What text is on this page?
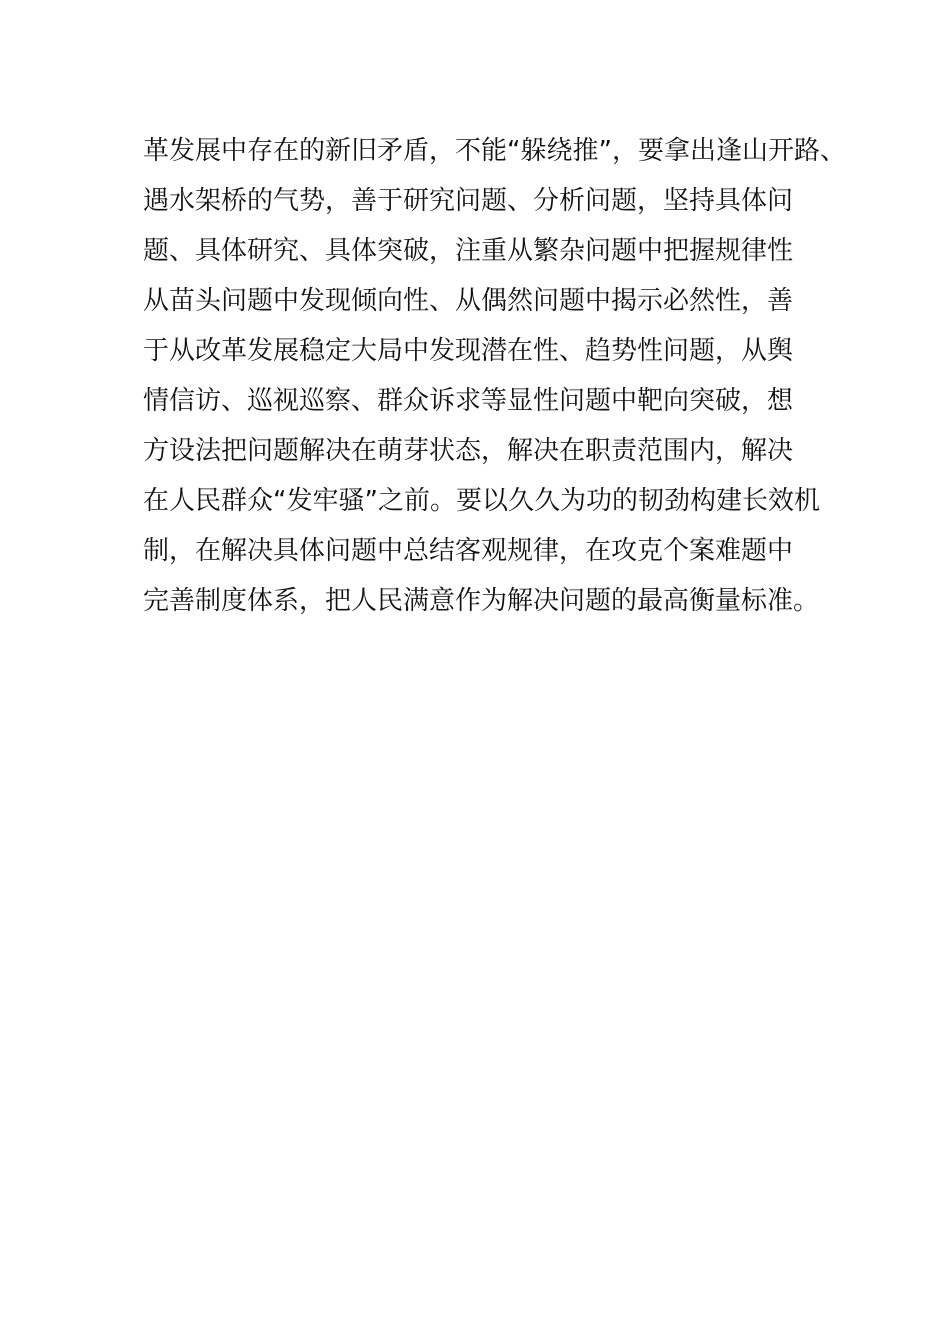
革发展中存在的新旧矛盾，不能“躲绕推”，要拿出逢山开路、
遇水架桥的气势，善于研究问题、分析问题，坚持具体问
题、具体研究、具体突破，注重从繁杂问题中把握规律性
从苗头问题中发现倾向性、从偶然问题中揭示必然性，善
于从改革发展稳定大局中发现潜在性、趋势性问题，从舆
情信访、巡视巡察、群众诉求等显性问题中靶向突破，想
方设法把问题解决在萌芽状态，解决在职责范围内，解决
在人民群众“发牢骚”之前。要以久久为功的韧劲构建长效机
制，在解决具体问题中总结客观规律，在攻克个案难题中
完善制度体系，把人民满意作为解决问题的最高衡量标准。
